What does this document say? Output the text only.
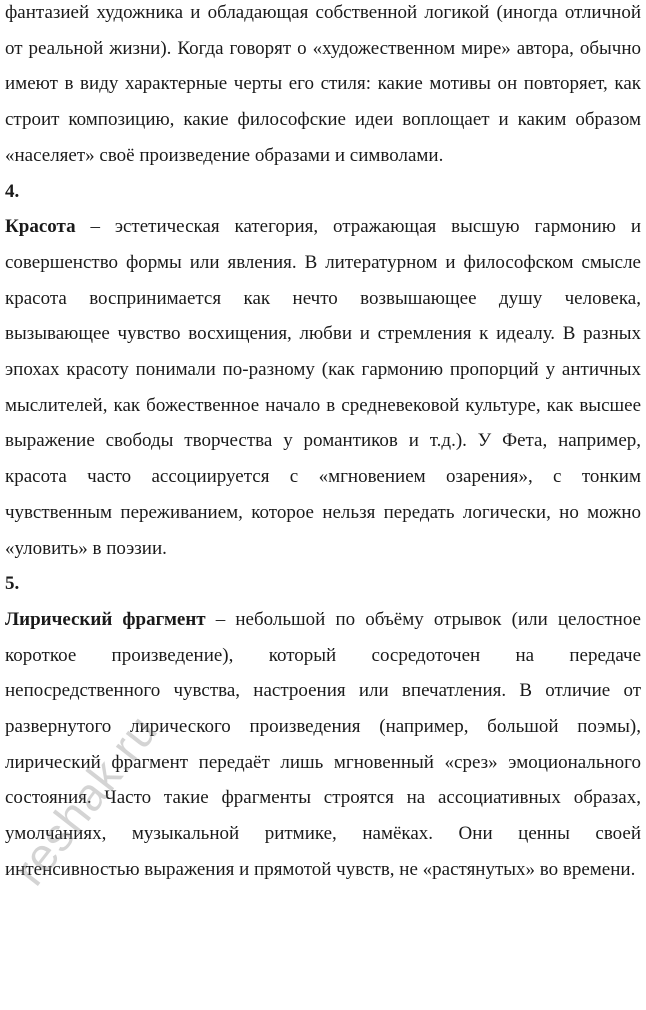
фантазией художника и обладающая собственной логикой (иногда отличной от реальной жизни). Когда говорят о «художественном мире» автора, обычно имеют в виду характерные черты его стиля: какие мотивы он повторяет, как строит композицию, какие философские идеи воплощает и каким образом «населяет» своё произведение образами и символами.

4.

Красота – эстетическая категория, отражающая высшую гармонию и совершенство формы или явления. В литературном и философском смысле красота воспринимается как нечто возвышающее душу человека, вызывающее чувство восхищения, любви и стремления к идеалу. В разных эпохах красоту понимали по-разному (как гармонию пропорций у античных мыслителей, как божественное начало в средневековой культуре, как высшее выражение свободы творчества у романтиков и т.д.). У Фета, например, красота часто ассоциируется с «мгновением озарения», с тонким чувственным переживанием, которое нельзя передать логически, но можно «уловить» в поэзии.

5.

Лирический фрагмент – небольшой по объёму отрывок (или целостное короткое произведение), который сосредоточен на передаче непосредственного чувства, настроения или впечатления. В отличие от развернутого лирического произведения (например, большой поэмы), лирический фрагмент передаёт лишь мгновенный «срез» эмоционального состояния. Часто такие фрагменты строятся на ассоциативных образах, умолчаниях, музыкальной ритмике, намёках. Они ценны своей интенсивностью выражения и прямотой чувств, не «растянутых» во времени.

reshak.ru
